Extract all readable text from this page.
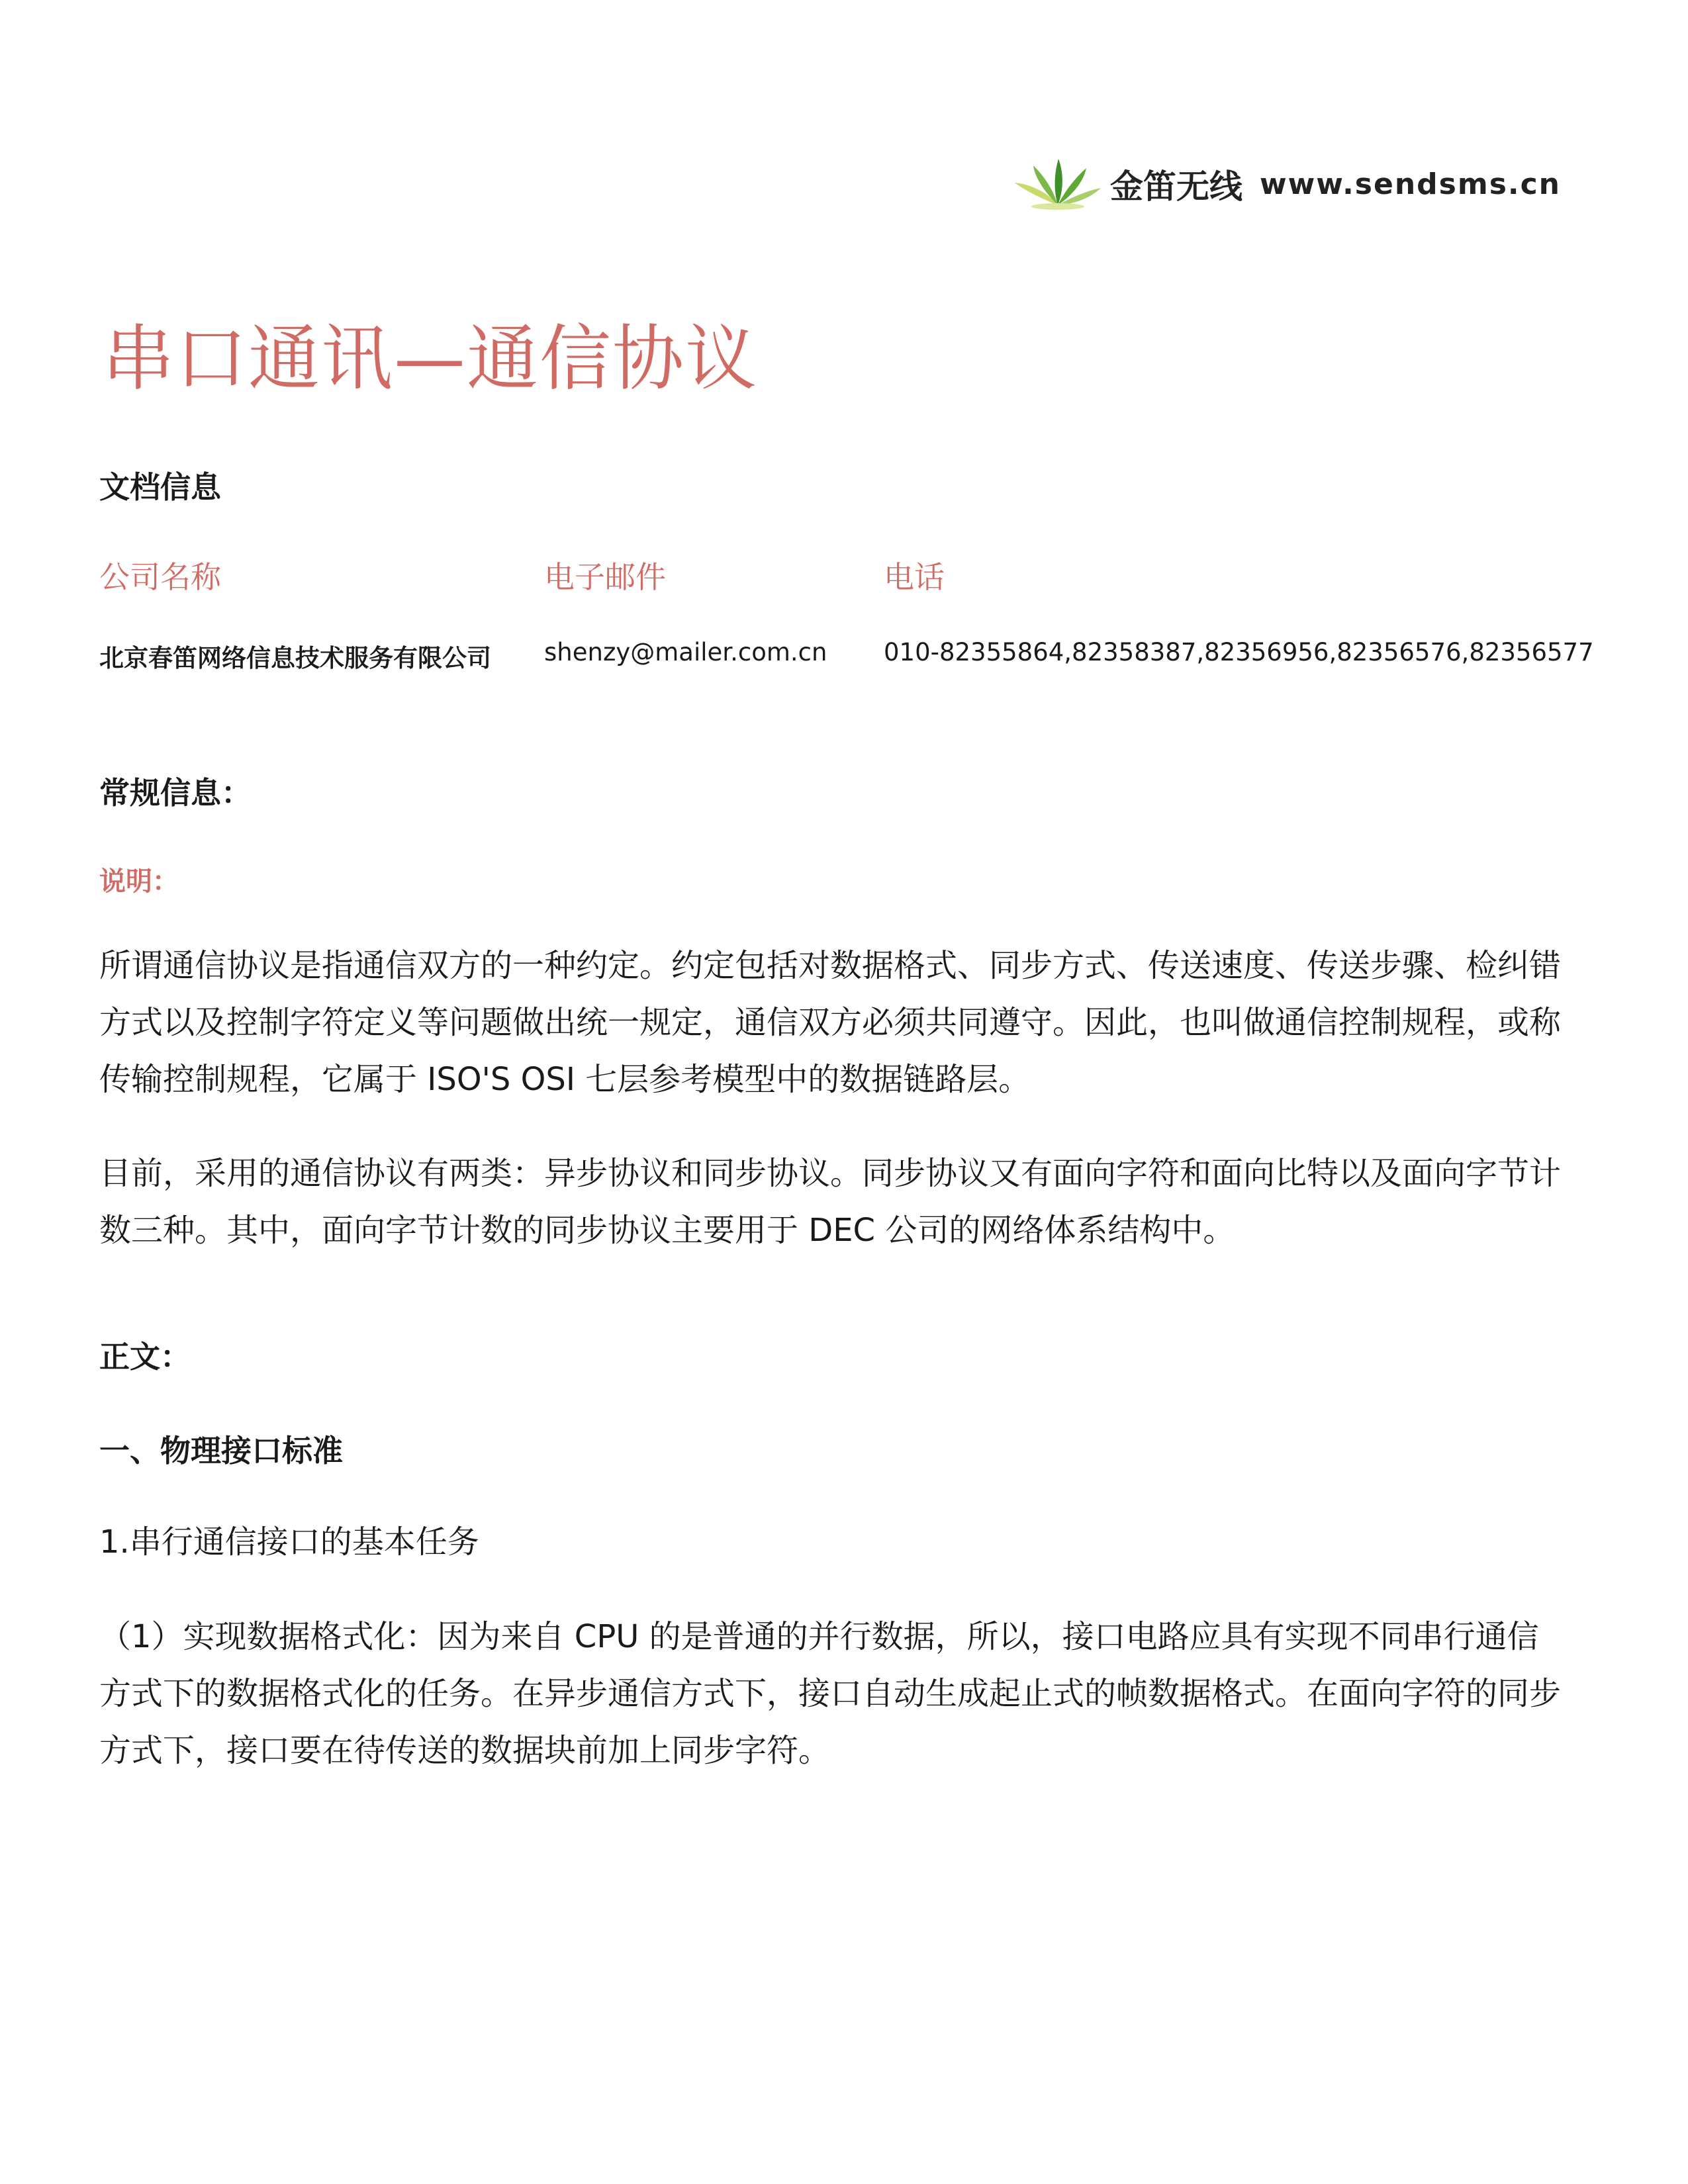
金笛无线 www.sendsms.cn
串口通讯—通信协议
文档信息
公司名称	电子邮件	电话
北京春笛网络信息技术服务有限公司 shenzy@mailer.com.cn 010-82355864,82358387,82356956,82356576,82356577
常规信息：
说明：

所谓通信协议是指通信双方的一种约定。约定包括对数据格式、同步方式、传送速度、传送步骤、检纠错方式以及控制字符定义等问题做出统一规定，通信双方必须共同遵守。因此，也叫做通信控制规程，或称传输控制规程，它属于 ISO'S OSI 七层参考模型中的数据链路层。

目前，采用的通信协议有两类：异步协议和同步协议。同步协议又有面向字符和面向比特以及面向字节计数三种。其中，面向字节计数的同步协议主要用于 DEC 公司的网络体系结构中。

正文：
一、物理接口标准

1.串行通信接口的基本任务

（1）实现数据格式化：因为来自 CPU 的是普通的并行数据，所以，接口电路应具有实现不同串行通信方式下的数据格式化的任务。在异步通信方式下，接口自动生成起止式的帧数据格式。在面向字符的同步方式下，接口要在待传送的数据块前加上同步字符。
